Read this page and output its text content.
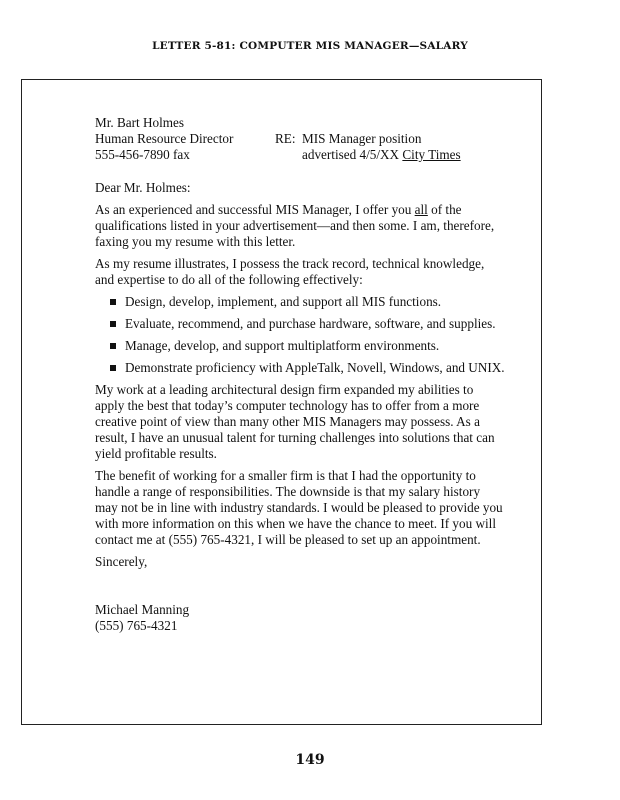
LETTER 5-81: COMPUTER MIS MANAGER—SALARY
Mr. Bart Holmes
Human Resource Director
555-456-7890 fax
RE: MIS Manager position
advertised 4/5/XX City Times

Dear Mr. Holmes:

As an experienced and successful MIS Manager, I offer you all of the qualifications listed in your advertisement—and then some. I am, therefore, faxing you my resume with this letter.

As my resume illustrates, I possess the track record, technical knowledge, and expertise to do all of the following effectively:

Design, develop, implement, and support all MIS functions.
Evaluate, recommend, and purchase hardware, software, and supplies.
Manage, develop, and support multiplatform environments.
Demonstrate proficiency with AppleTalk, Novell, Windows, and UNIX.

My work at a leading architectural design firm expanded my abilities to apply the best that today’s computer technology has to offer from a more creative point of view than many other MIS Managers may possess. As a result, I have an unusual talent for turning challenges into solutions that can yield profitable results.

The benefit of working for a smaller firm is that I had the opportunity to handle a range of responsibilities. The downside is that my salary history may not be in line with industry standards. I would be pleased to provide you with more information on this when we have the chance to meet. If you will contact me at (555) 765-4321, I will be pleased to set up an appointment.

Sincerely,

Michael Manning
(555) 765-4321
149
